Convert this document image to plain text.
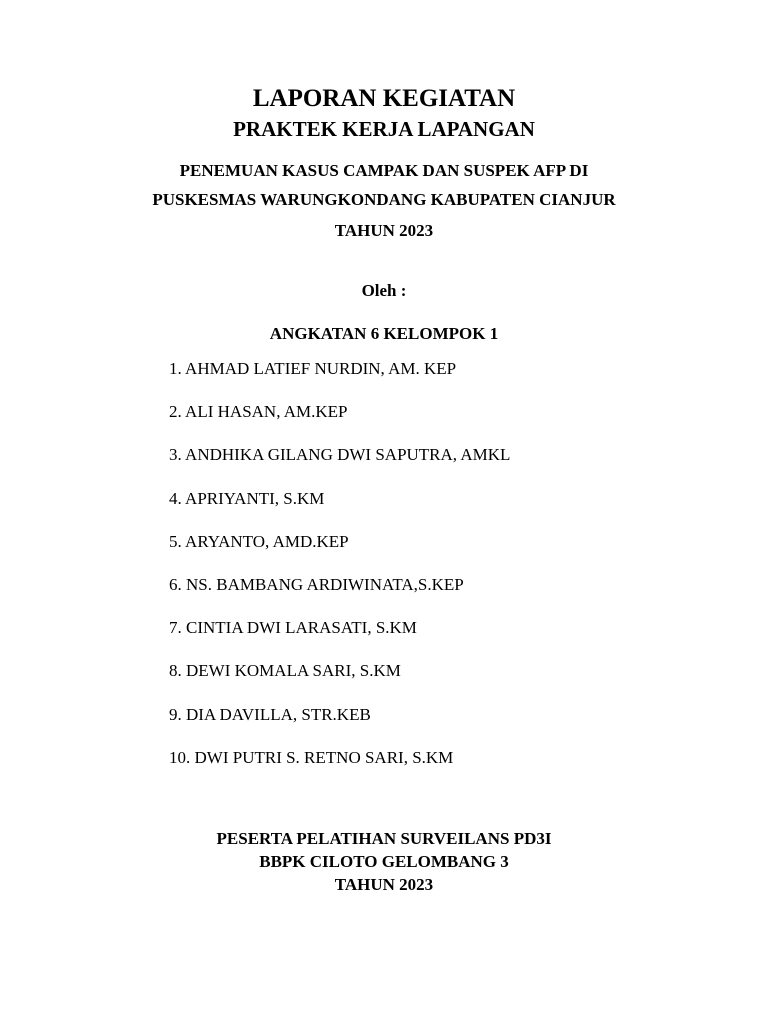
LAPORAN KEGIATAN
PRAKTEK KERJA LAPANGAN
PENEMUAN KASUS CAMPAK DAN SUSPEK AFP DI
PUSKESMAS WARUNGKONDANG KABUPATEN CIANJUR
TAHUN 2023
Oleh :
ANGKATAN 6 KELOMPOK 1
1. AHMAD LATIEF NURDIN, AM. KEP
2. ALI HASAN, AM.KEP
3. ANDHIKA GILANG DWI SAPUTRA, AMKL
4. APRIYANTI, S.KM
5. ARYANTO, AMD.KEP
6. NS. BAMBANG ARDIWINATA,S.KEP
7. CINTIA DWI LARASATI, S.KM
8. DEWI KOMALA SARI, S.KM
9. DIA DAVILLA, STR.KEB
10. DWI PUTRI S. RETNO SARI, S.KM
PESERTA PELATIHAN SURVEILANS PD3I
BBPK CILOTO GELOMBANG 3
TAHUN 2023
